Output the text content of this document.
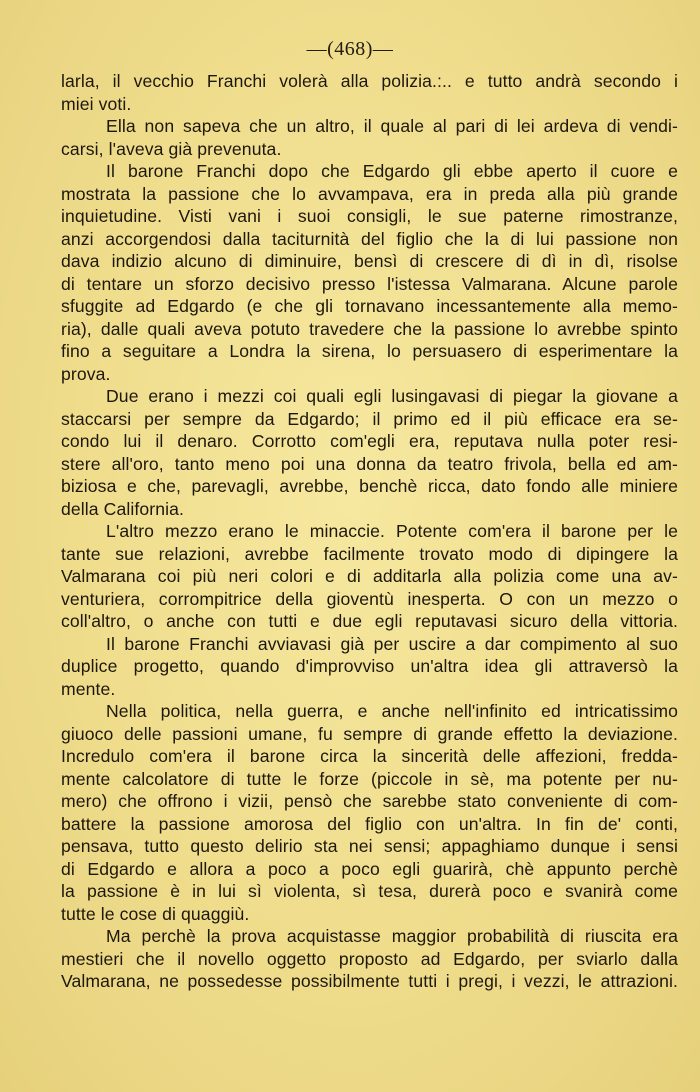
—(468)—
larla, il vecchio Franchi volerà alla polizia.:.. e tutto andrà secondo i
miei voti.
Ella non sapeva che un altro, il quale al pari di lei ardeva di vendi-
carsi, l'aveva già prevenuta.
Il barone Franchi dopo che Edgardo gli ebbe aperto il cuore e
mostrata la passione che lo avvampava, era in preda alla più grande
inquietudine. Visti vani i suoi consigli, le sue paterne rimostranze,
anzi accorgendosi dalla taciturnità del figlio che la di lui passione non
dava indizio alcuno di diminuire, bensì di crescere di dì in dì, risolse
di tentare un sforzo decisivo presso l'istessa Valmarana. Alcune parole
sfuggite ad Edgardo (e che gli tornavano incessantemente alla memo-
ria), dalle quali aveva potuto travedere che la passione lo avrebbe spinto
fino a seguitare a Londra la sirena, lo persuasero di esperimentare la
prova.
Due erano i mezzi coi quali egli lusingavasi di piegar la giovane a
staccarsi per sempre da Edgardo; il primo ed il più efficace era se-
condo lui il denaro. Corrotto com'egli era, reputava nulla poter resi-
stere all'oro, tanto meno poi una donna da teatro frivola, bella ed am-
biziosa e che, parevagli, avrebbe, benchè ricca, dato fondo alle miniere
della California.
L'altro mezzo erano le minaccie. Potente com'era il barone per le
tante sue relazioni, avrebbe facilmente trovato modo di dipingere la
Valmarana coi più neri colori e di additarla alla polizia come una av-
venturiera, corrompitrice della gioventù inesperta. O con un mezzo o
coll'altro, o anche con tutti e due egli reputavasi sicuro della vittoria.
Il barone Franchi avviavasi già per uscire a dar compimento al suo
duplice progetto, quando d'improvviso un'altra idea gli attraversò la
mente.
Nella politica, nella guerra, e anche nell'infinito ed intricatissimo
giuoco delle passioni umane, fu sempre di grande effetto la deviazione.
Incredulo com'era il barone circa la sincerità delle affezioni, fredda-
mente calcolatore di tutte le forze (piccole in sè, ma potente per nu-
mero) che offrono i vizii, pensò che sarebbe stato conveniente di com-
battere la passione amorosa del figlio con un'altra. In fin de' conti,
pensava, tutto questo delirio sta nei sensi; appaghiamo dunque i sensi
di Edgardo e allora a poco a poco egli guarirà, chè appunto perchè
la passione è in lui sì violenta, sì tesa, durerà poco e svanirà come
tutte le cose di quaggiù.
Ma perchè la prova acquistasse maggior probabilità di riuscita era
mestieri che il novello oggetto proposto ad Edgardo, per sviarlo dalla
Valmarana, ne possedesse possibilmente tutti i pregi, i vezzi, le attrazioni.
